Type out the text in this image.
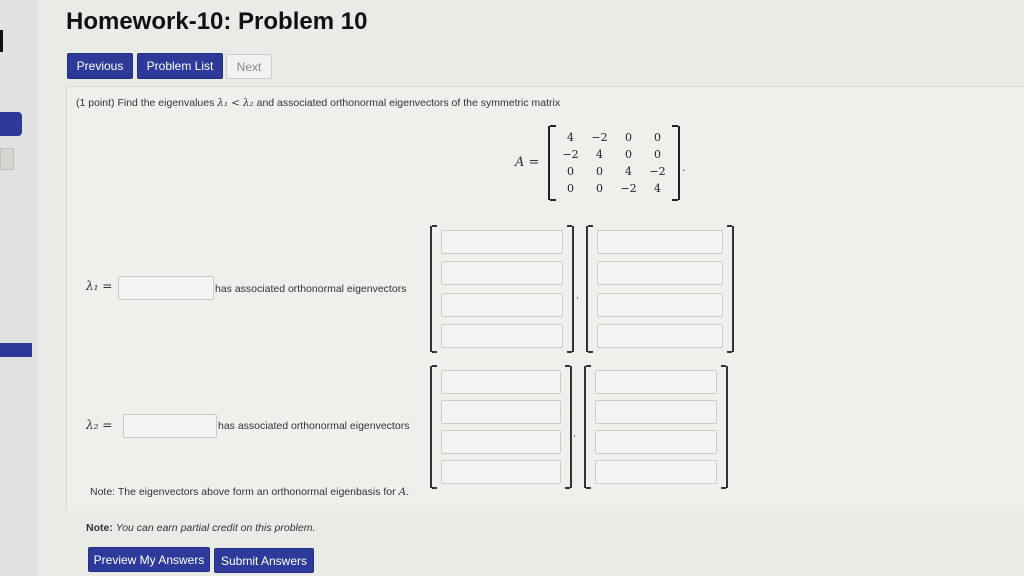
Homework-10: Problem 10
Previous	Problem List	Next
(1 point) Find the eigenvalues λ₁ < λ₂ and associated orthonormal eigenvectors of the symmetric matrix
A =
4	−2	0	0
−2	4	0	0
0	0	4	−2
0	0	−2	4
.
λ₁ =	has associated orthonormal eigenvectors
,
λ₂ =	has associated orthonormal eigenvectors
,
Note: The eigenvectors above form an orthonormal eigenbasis for A.
Note: You can earn partial credit on this problem.
Preview My Answers	Submit Answers
